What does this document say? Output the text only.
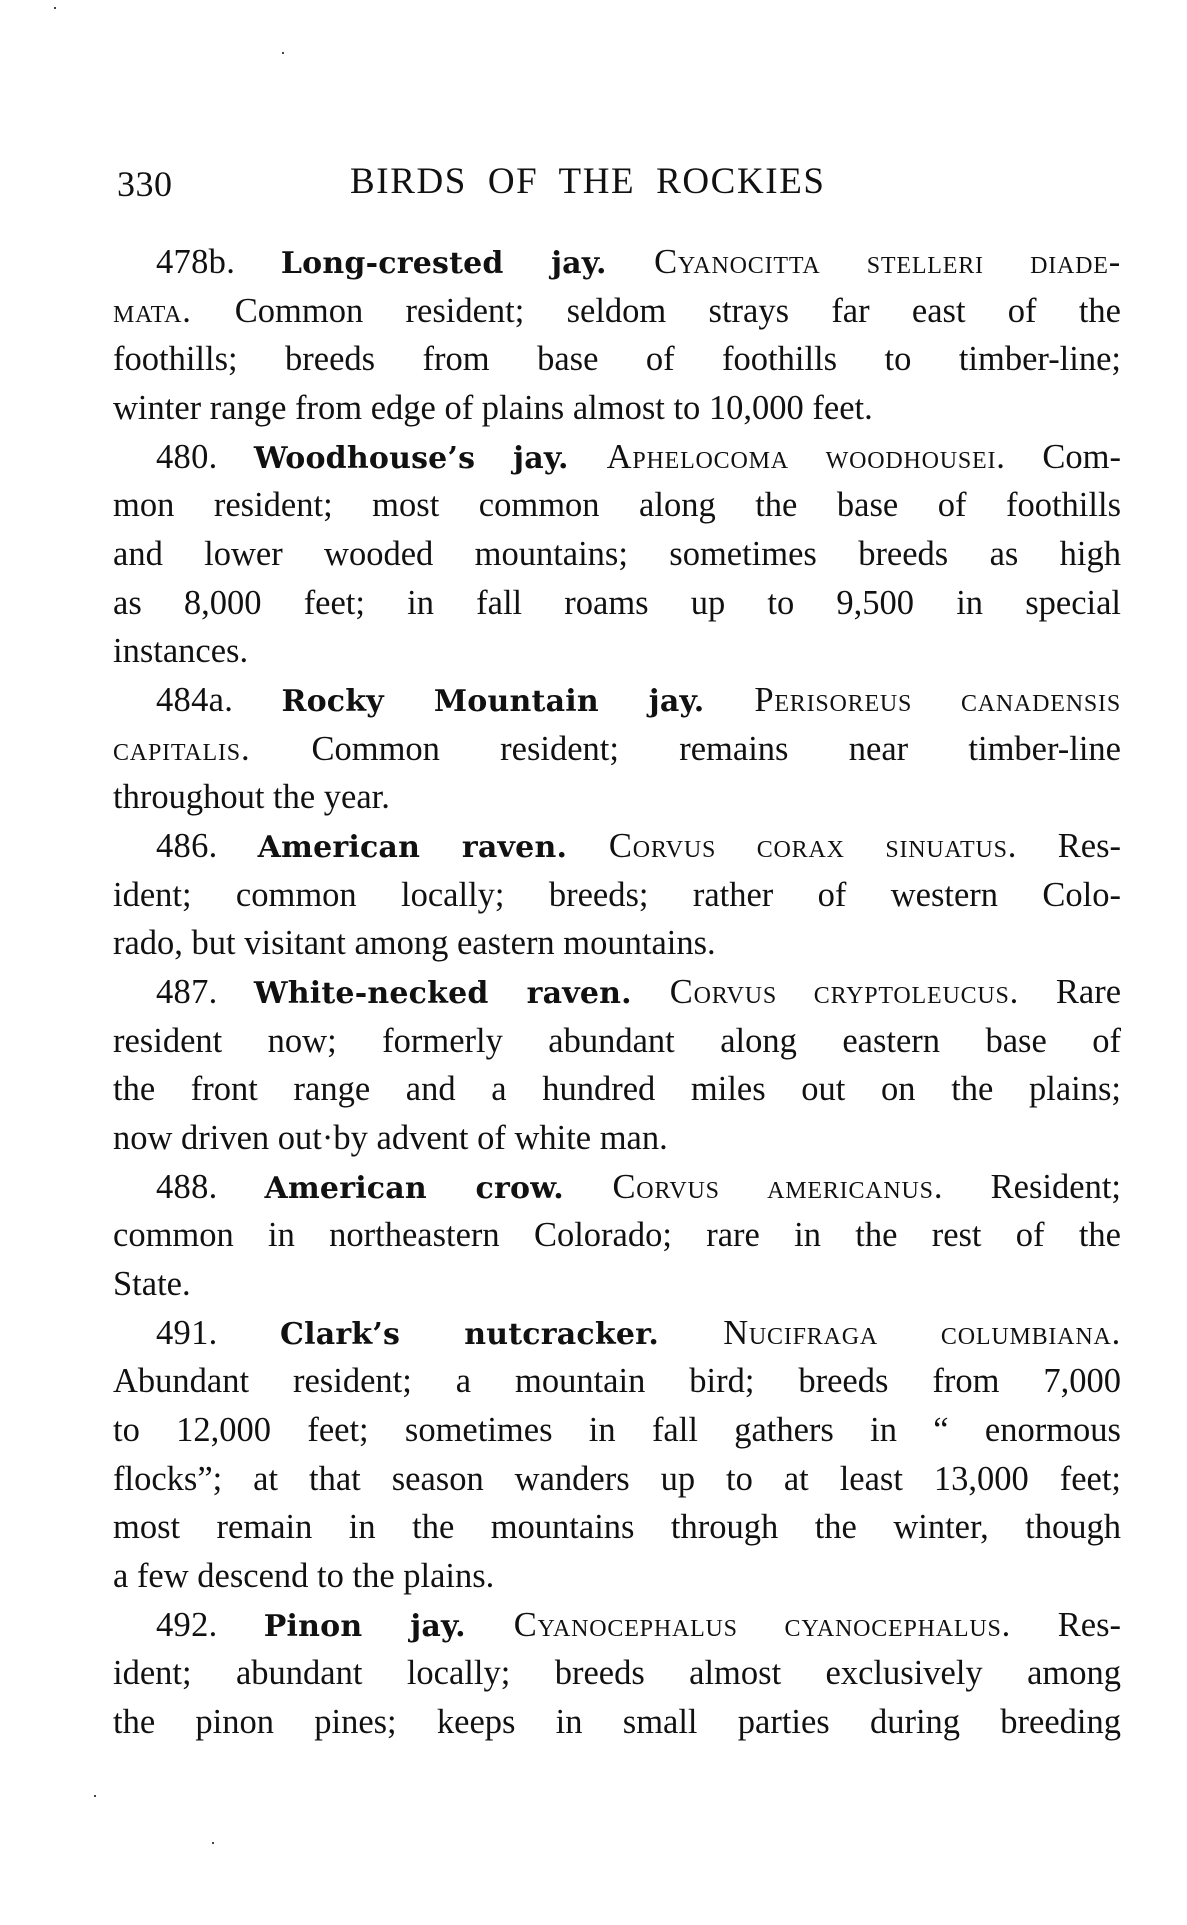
330	BIRDS OF THE ROCKIES
478b. Long-crested jay. Cyanocitta stelleri diade-
mata. Common resident; seldom strays far east of the
foothills; breeds from base of foothills to timber-line;
winter range from edge of plains almost to 10,000 feet.
480. Woodhouse’s jay. Aphelocoma woodhousei. Com-
mon resident; most common along the base of foothills
and lower wooded mountains; sometimes breeds as high
as 8,000 feet; in fall roams up to 9,500 in special
instances.
484a. Rocky Mountain jay. Perisoreus canadensis
capitalis. Common resident; remains near timber-line
throughout the year.
486. American raven. Corvus corax sinuatus. Res-
ident; common locally; breeds; rather of western Colo-
rado, but visitant among eastern mountains.
487. White-necked raven. Corvus cryptoleucus. Rare
resident now; formerly abundant along eastern base of
the front range and a hundred miles out on the plains;
now driven out·by advent of white man.
488. American crow. Corvus americanus. Resident;
common in northeastern Colorado; rare in the rest of the
State.
491. Clark’s nutcracker. Nucifraga columbiana.
Abundant resident; a mountain bird; breeds from 7,000
to 12,000 feet; sometimes in fall gathers in “ enormous
flocks”; at that season wanders up to at least 13,000 feet;
most remain in the mountains through the winter, though
a few descend to the plains.
492. Pinon jay. Cyanocephalus cyanocephalus. Res-
ident; abundant locally; breeds almost exclusively among
the pinon pines; keeps in small parties during breeding
